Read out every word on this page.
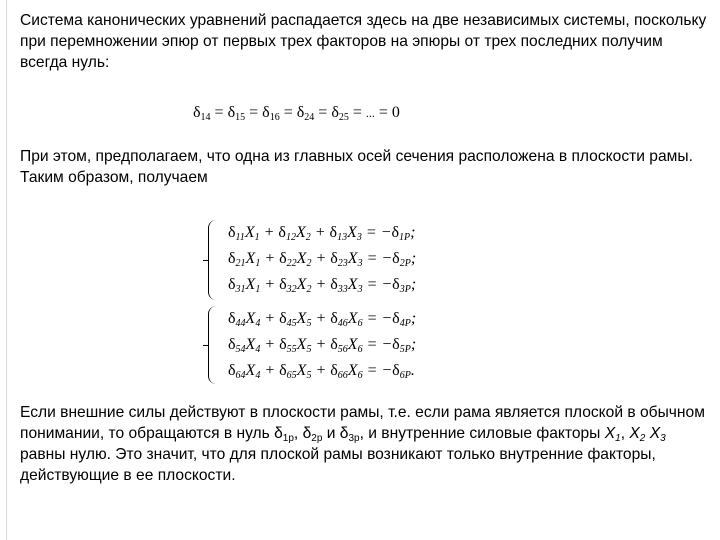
Система канонических уравнений распадается здесь на две независимых системы, поскольку при перемножении эпюр от первых трех факторов на эпюры от трех последних получим всегда нуль:
$\delta_{14} = \delta_{15} = \delta_{16} = \delta_{24} = \delta_{25}$ = ... = 0
При этом, предполагаем, что одна из главных осей сечения расположена в плоскости рамы.
Таким образом, получаем
$\delta_{11}X_1 + \delta_{12}X_2 + \delta_{13}X_3 = -\delta_{1P}$;
$\delta_{21}X_1 + \delta_{22}X_2 + \delta_{23}X_3 = -\delta_{2P}$;
$\delta_{31}X_1 + \delta_{32}X_2 + \delta_{33}X_3 = -\delta_{3P}$;
$\delta_{44}X_4 + \delta_{45}X_5 + \delta_{46}X_6 = -\delta_{4P}$;
$\delta_{54}X_4 + \delta_{55}X_5 + \delta_{56}X_6 = -\delta_{5P}$;
$\delta_{64}X_4 + \delta_{65}X_5 + \delta_{66}X_6 = -\delta_{6P}$.
Если внешние силы действуют в плоскости рамы, т.е. если рама является плоской в обычном понимании, то обращаются в нуль $\delta_{1p}$, $\delta_{2p}$ и $\delta_{3p}$, и внутренние силовые факторы $X_1$, $X_2$ $X_3$ равны нулю. Это значит, что для плоской рамы возникают только внутренние факторы, действующие в ее плоскости.
